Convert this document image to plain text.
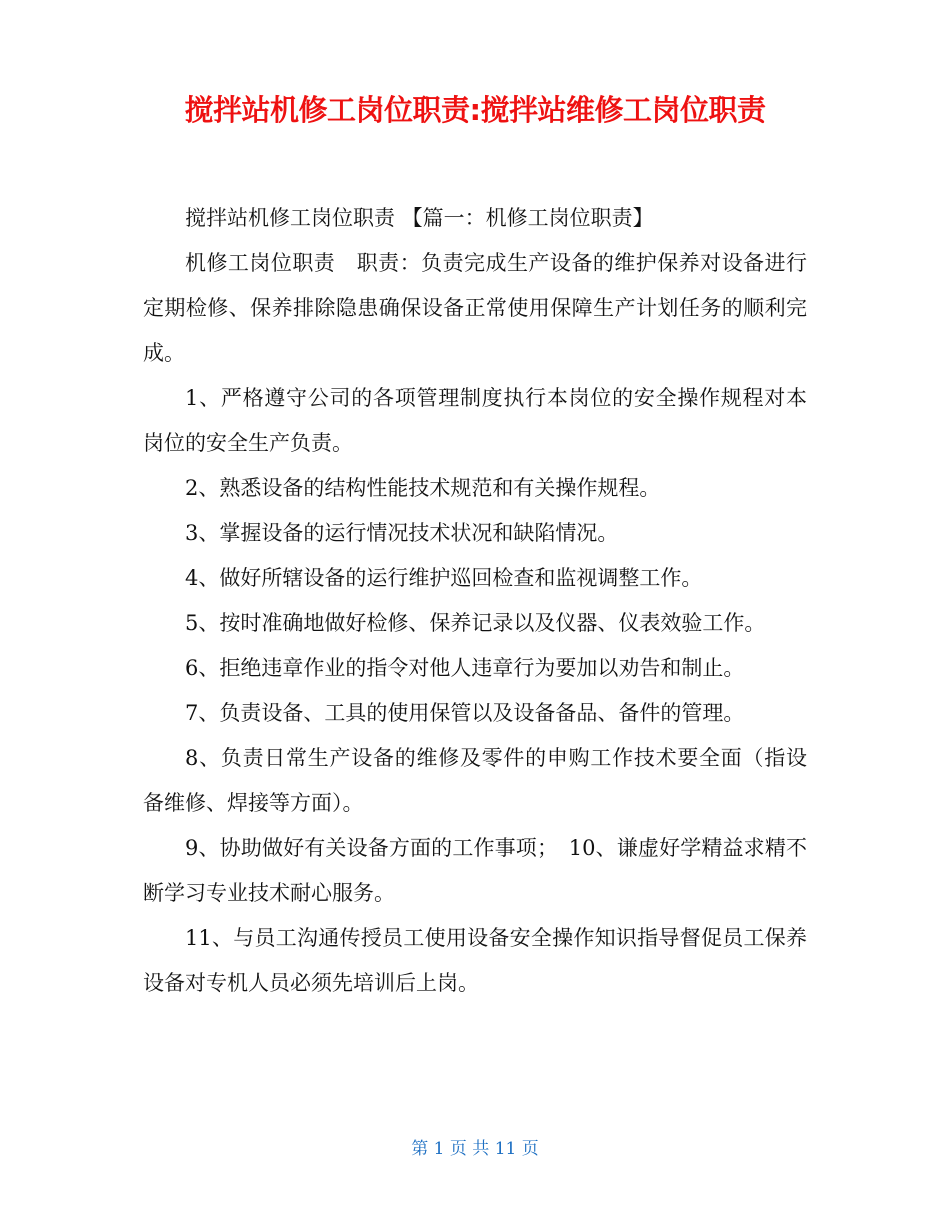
搅拌站机修工岗位职责:搅拌站维修工岗位职责

搅拌站机修工岗位职责 【篇一：机修工岗位职责】

机修工岗位职责　职责：负责完成生产设备的维护保养对设备进行定期检修、保养排除隐患确保设备正常使用保障生产计划任务的顺利完成。

1、严格遵守公司的各项管理制度执行本岗位的安全操作规程对本岗位的安全生产负责。

2、熟悉设备的结构性能技术规范和有关操作规程。

3、掌握设备的运行情况技术状况和缺陷情况。

4、做好所辖设备的运行维护巡回检查和监视调整工作。

5、按时准确地做好检修、保养记录以及仪器、仪表效验工作。

6、拒绝违章作业的指令对他人违章行为要加以劝告和制止。

7、负责设备、工具的使用保管以及设备备品、备件的管理。

8、负责日常生产设备的维修及零件的申购工作技术要全面（指设备维修、焊接等方面）。

9、协助做好有关设备方面的工作事项；　10、谦虚好学精益求精不断学习专业技术耐心服务。

11、与员工沟通传授员工使用设备安全操作知识指导督促员工保养设备对专机人员必须先培训后上岗。

第 1 页 共 11 页
